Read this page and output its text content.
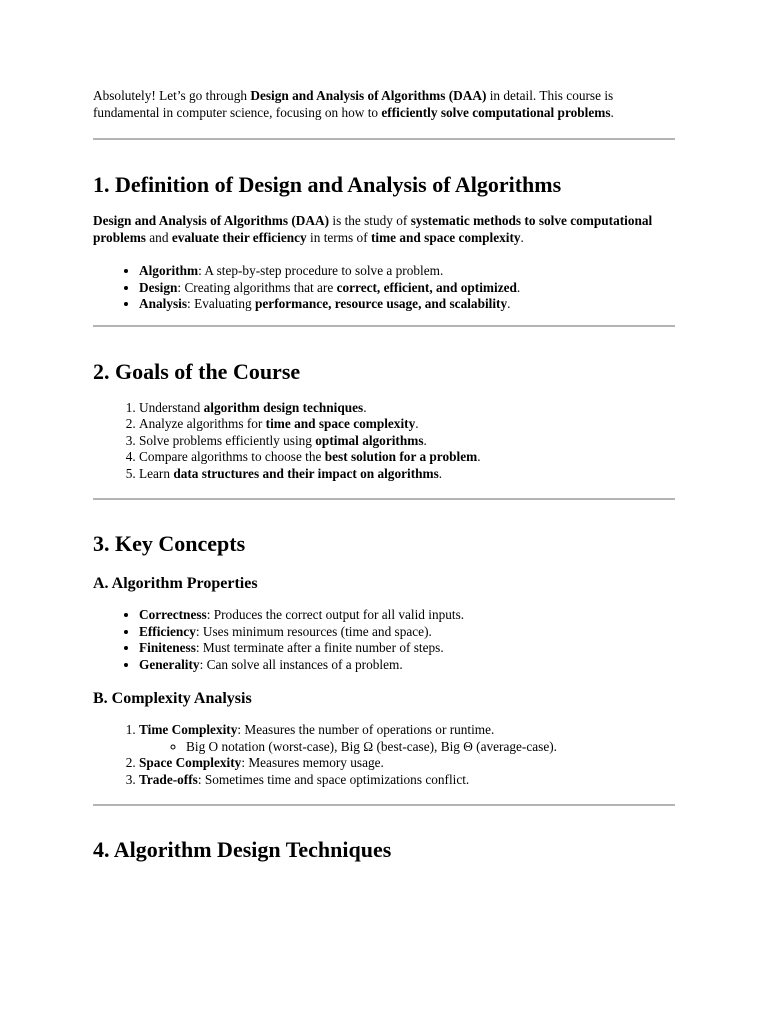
Absolutely! Let’s go through Design and Analysis of Algorithms (DAA) in detail. This course is fundamental in computer science, focusing on how to efficiently solve computational problems.

1. Definition of Design and Analysis of Algorithms

Design and Analysis of Algorithms (DAA) is the study of systematic methods to solve computational problems and evaluate their efficiency in terms of time and space complexity.

• Algorithm: A step-by-step procedure to solve a problem.
• Design: Creating algorithms that are correct, efficient, and optimized.
• Analysis: Evaluating performance, resource usage, and scalability.
2. Goals of the Course
1. Understand algorithm design techniques.
2. Analyze algorithms for time and space complexity.
3. Solve problems efficiently using optimal algorithms.
4. Compare algorithms to choose the best solution for a problem.
5. Learn data structures and their impact on algorithms.
3. Key Concepts
A. Algorithm Properties
• Correctness: Produces the correct output for all valid inputs.
• Efficiency: Uses minimum resources (time and space).
• Finiteness: Must terminate after a finite number of steps.
• Generality: Can solve all instances of a problem.
B. Complexity Analysis
1. Time Complexity: Measures the number of operations or runtime.
◦ Big O notation (worst-case), Big Ω (best-case), Big Θ (average-case).
2. Space Complexity: Measures memory usage.
3. Trade-offs: Sometimes time and space optimizations conflict.
4. Algorithm Design Techniques
